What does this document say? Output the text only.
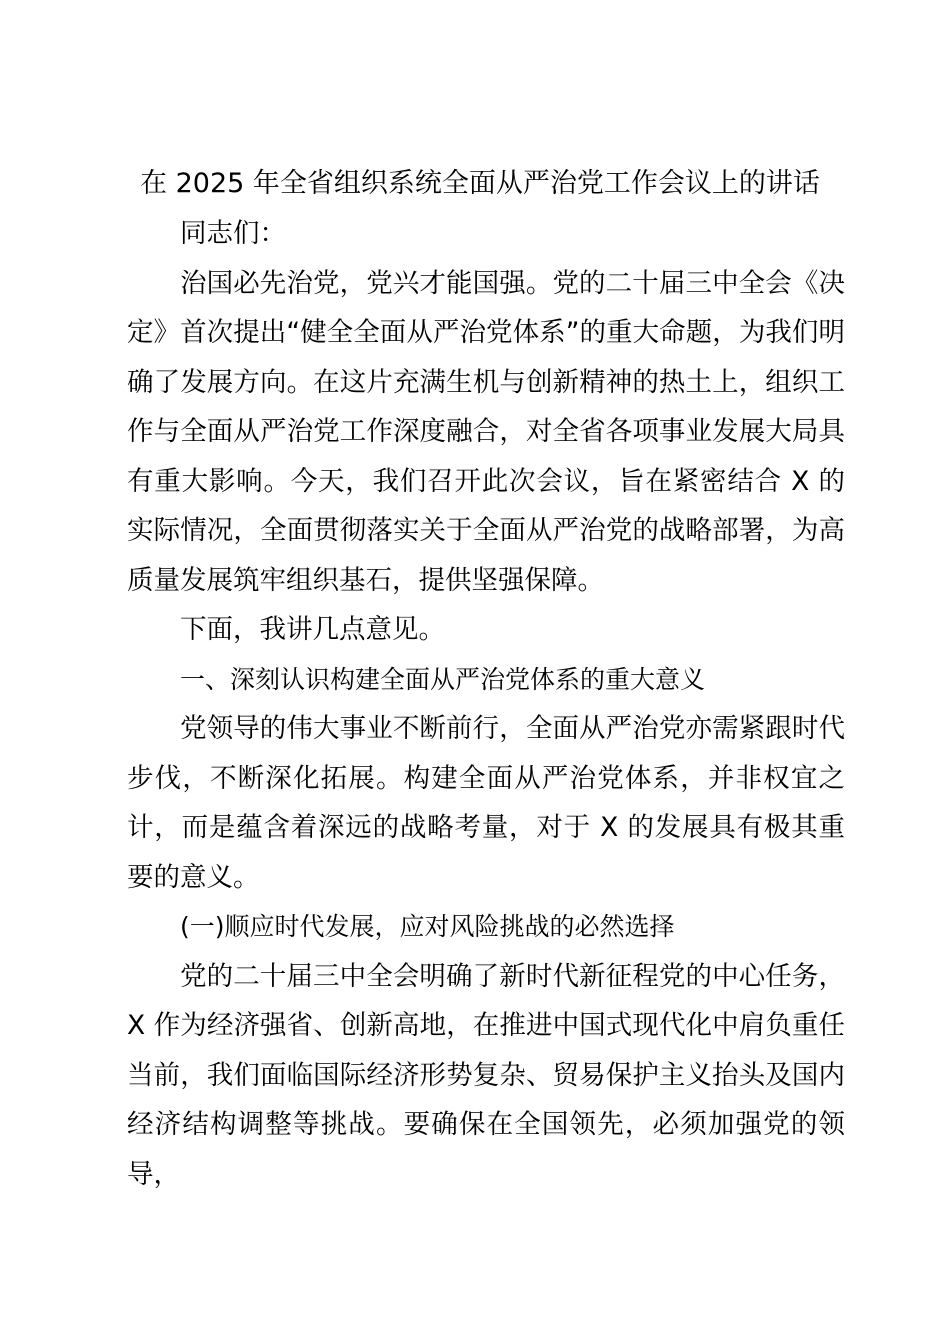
在 2025 年全省组织系统全面从严治党工作会议上的讲话

同志们：

治国必先治党，党兴才能国强。党的二十届三中全会《决定》首次提出“健全全面从严治党体系”的重大命题，为我们明确了发展方向。在这片充满生机与创新精神的热土上，组织工作与全面从严治党工作深度融合，对全省各项事业发展大局具有重大影响。今天，我们召开此次会议，旨在紧密结合 X 的实际情况，全面贯彻落实关于全面从严治党的战略部署，为高质量发展筑牢组织基石，提供坚强保障。

下面，我讲几点意见。

一、深刻认识构建全面从严治党体系的重大意义

党领导的伟大事业不断前行，全面从严治党亦需紧跟时代步伐，不断深化拓展。构建全面从严治党体系，并非权宜之计，而是蕴含着深远的战略考量，对于 X 的发展具有极其重要的意义。

(一)顺应时代发展，应对风险挑战的必然选择

党的二十届三中全会明确了新时代新征程党的中心任务，X 作为经济强省、创新高地，在推进中国式现代化中肩负重任当前，我们面临国际经济形势复杂、贸易保护主义抬头及国内经济结构调整等挑战。要确保在全国领先，必须加强党的领导，
